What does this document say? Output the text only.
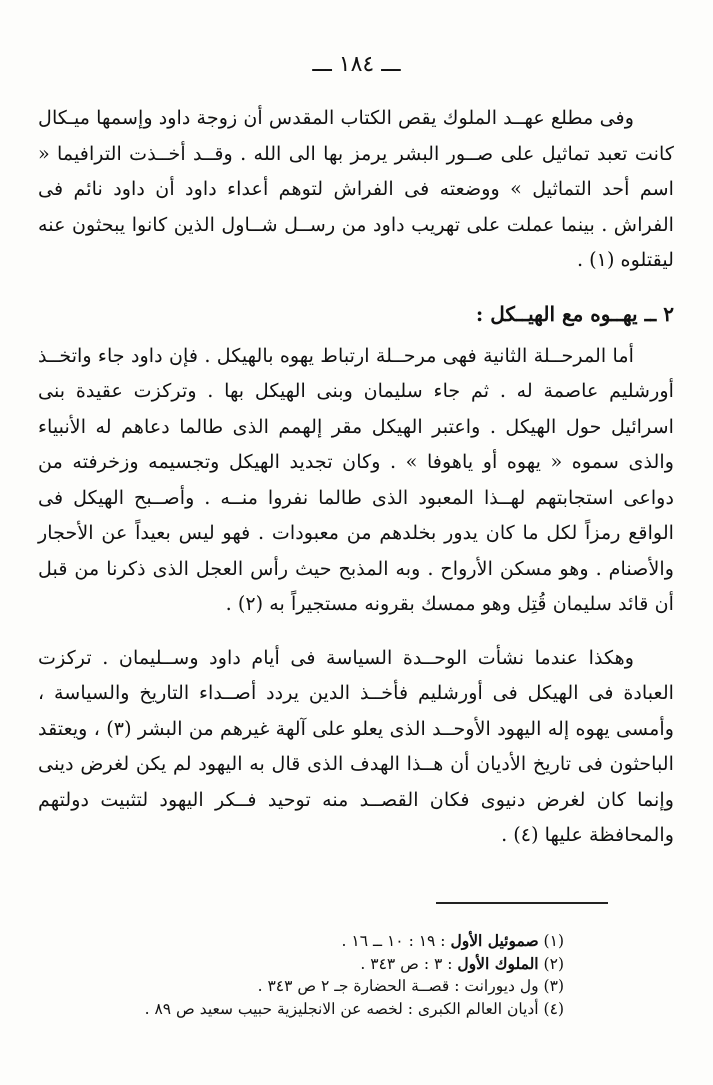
ـــ ١٨٤ ـــ

وفى مطلع عهــد الملوك يقص الكتاب المقدس أن زوجة داود وإسمها ميـكال كانت تعبد تماثيل على صــور البشر يرمز بها الى الله . وقــد أخــذت الترافيما « اسم أحد التماثيل » ووضعته فى الفراش لتوهم أعداء داود أن داود نائم فى الفراش . بينما عملت على تهريب داود من رســل شــاول الذين كانوا يبحثون عنه ليقتلوه (١) .

٢ ــ يهــوه مع الهيــكل :

أما المرحــلة الثانية فهى مرحــلة ارتباط يهوه بالهيكل . فإن داود جاء واتخــذ أورشليم عاصمة له . ثم جاء سليمان وبنى الهيكل بها . وتركزت عقيدة بنى اسرائيل حول الهيكل . واعتبر الهيكل مقر إلهمم الذى طالما دعاهم له الأنبياء والذى سموه « يهوه أو ياهوفا » . وكان تجديد الهيكل وتجسيمه وزخرفته من دواعى استجابتهم لهــذا المعبود الذى طالما نفروا منــه . وأصــبح الهيكل فى الواقع رمزاً لكل ما كان يدور بخلدهم من معبودات . فهو ليس بعيداً عن الأحجار والأصنام . وهو مسكن الأرواح . وبه المذبح حيث رأس العجل الذى ذكرنا من قبل أن قائد سليمان قُتِل وهو ممسك بقرونه مستجيراً به (٢) .

وهكذا عندما نشأت الوحــدة السياسة فى أيام داود وســليمان . تركزت العبادة فى الهيكل فى أورشليم فأخــذ الدين يردد أصــداء التاريخ والسياسة ، وأمسى يهوه إله اليهود الأوحــد الذى يعلو على آلهة غيرهم من البشر (٣) ، ويعتقد الباحثون فى تاريخ الأديان أن هــذا الهدف الذى قال به اليهود لم يكن لغرض دينى وإنما كان لغرض دنيوى فكان القصــد منه توحيد فــكر اليهود لتثبيت دولتهم والمحافظة عليها (٤) .

(١) صموئيل الأول : ١٩ : ١٠ ــ ١٦ .
(٢) الملوك الأول : ٣ : ص ٣٤٣ .
(٣) ول ديورانت : قصــة الحضارة جـ ٢ ص ٣٤٣ .
(٤) أديان العالم الكبرى : لخصه عن الانجليزية حبيب سعيد ص ٨٩ .
